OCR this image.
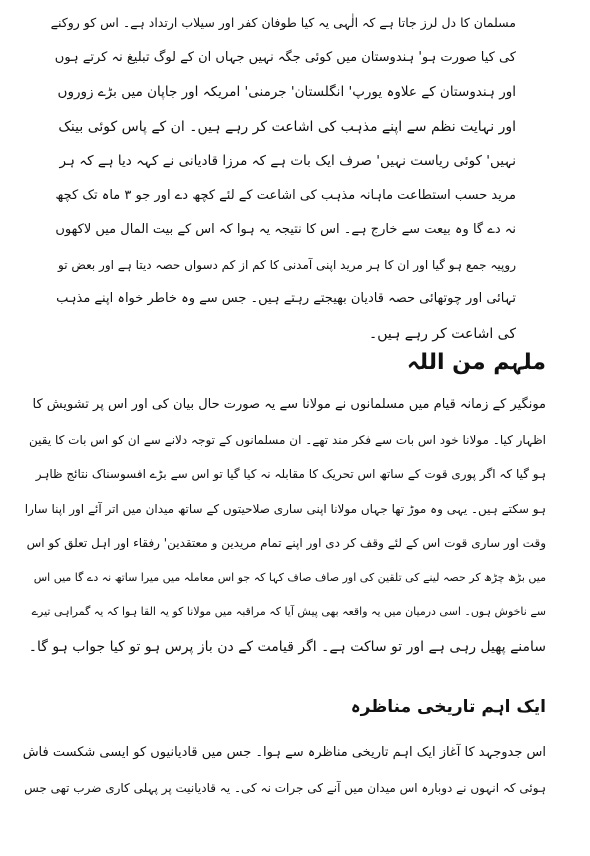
مسلمان کا دل لرز جاتا ہے کہ الٰہی یہ کیا طوفان کفر اور سیلاب ارتداد ہے۔ اس کو روکنے
کی کیا صورت ہو' ہندوستان میں کوئی جگہ نہیں جہاں ان کے لوگ تبلیغ نہ کرتے ہوں
اور ہندوستان کے علاوہ یورپ' انگلستان' جرمنی' امریکہ اور جاپان میں بڑے زوروں
اور نہایت نظم سے اپنے مذہب کی اشاعت کر رہے ہیں۔ ان کے پاس کوئی بینک
نہیں' کوئی ریاست نہیں' صرف ایک بات ہے کہ مرزا قادیانی نے کہہ دیا ہے کہ ہر
مرید حسب استطاعت ماہانہ مذہب کی اشاعت کے لئے کچھ دے اور جو ۳ ماہ تک کچھ
نہ دے گا وہ بیعت سے خارج ہے۔ اس کا نتیجہ یہ ہوا کہ اس کے بیت المال میں لاکھوں
روپیہ جمع ہو گیا اور ان کا ہر مرید اپنی آمدنی کا کم از کم دسواں حصہ دیتا ہے اور بعض تو
تہائی اور چوتھائی حصہ قادیان بھیجتے رہتے ہیں۔ جس سے وہ خاطر خواہ اپنے مذہب
کی اشاعت کر رہے ہیں۔
ملہم من اللہ
مونگیر کے زمانہ قیام میں مسلمانوں نے مولانا سے یہ صورت حال بیان کی اور اس پر تشویش کا
اظہار کیا۔ مولانا خود اس بات سے فکر مند تھے۔ ان مسلمانوں کے توجہ دلانے سے ان کو اس بات کا یقین
ہو گیا کہ اگر پوری قوت کے ساتھ اس تحریک کا مقابلہ نہ کیا گیا تو اس سے بڑے افسوسناک نتائج ظاہر
ہو سکتے ہیں۔ یہی وہ موڑ تھا جہاں مولانا اپنی ساری صلاحیتوں کے ساتھ میدان میں اتر آئے اور اپنا سارا
وقت اور ساری قوت اس کے لئے وقف کر دی اور اپنے تمام مریدین و معتقدین' رفقاء اور اہل تعلق کو اس
میں بڑھ چڑھ کر حصہ لینے کی تلقین کی اور صاف صاف کہا کہ جو اس معاملہ میں میرا ساتھ نہ دے گا میں اس
سے ناخوش ہوں۔ اسی درمیان میں یہ واقعہ بھی پیش آیا کہ مراقبہ میں مولانا کو یہ القا ہوا کہ یہ گمراہی تیرے
سامنے پھیل رہی ہے اور تو ساکت ہے۔ اگر قیامت کے دن باز پرس ہو تو کیا جواب ہو گا۔
ایک اہم تاریخی مناظرہ
اس جدوجہد کا آغاز ایک اہم تاریخی مناظرہ سے ہوا۔ جس میں قادیانیوں کو ایسی شکست فاش
ہوئی کہ انہوں نے دوبارہ اس میدان میں آنے کی جرات نہ کی۔ یہ قادیانیت پر پہلی کاری ضرب تھی جس
